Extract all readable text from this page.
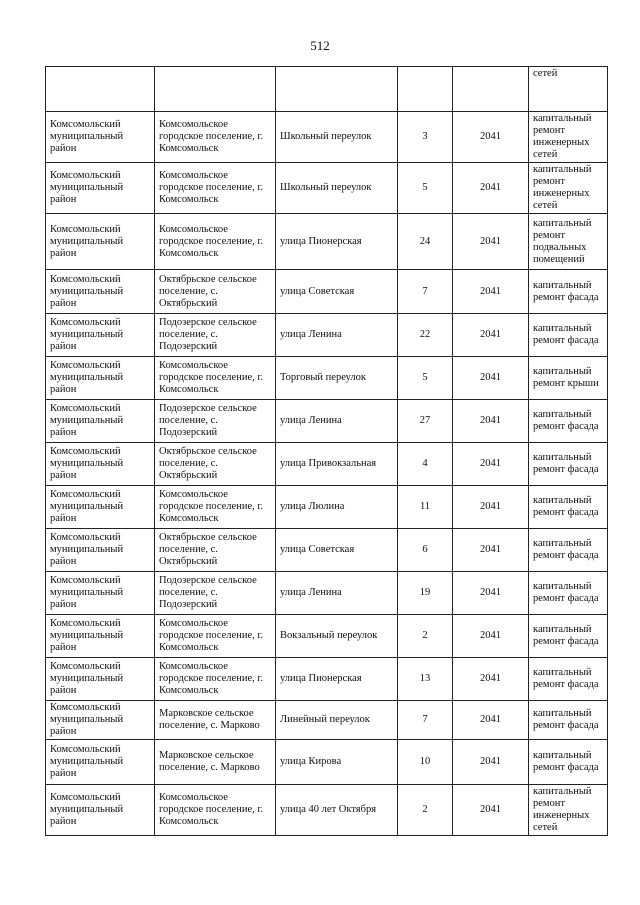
512
					сетей
Комсомольский муниципальный район	Комсомольское городское поселение, г. Комсомольск	Школьный переулок	3	2041	капитальный ремонт инженерных сетей
Комсомольский муниципальный район	Комсомольское городское поселение, г. Комсомольск	Школьный переулок	5	2041	капитальный ремонт инженерных сетей
Комсомольский муниципальный район	Комсомольское городское поселение, г. Комсомольск	улица Пионерская	24	2041	капитальный ремонт подвальных помещений
Комсомольский муниципальный район	Октябрьское сельское поселение, с. Октябрьский	улица Советская	7	2041	капитальный ремонт фасада
Комсомольский муниципальный район	Подозерское сельское поселение, с. Подозерский	улица Ленина	22	2041	капитальный ремонт фасада
Комсомольский муниципальный район	Комсомольское городское поселение, г. Комсомольск	Торговый переулок	5	2041	капитальный ремонт крыши
Комсомольский муниципальный район	Подозерское сельское поселение, с. Подозерский	улица Ленина	27	2041	капитальный ремонт фасада
Комсомольский муниципальный район	Октябрьское сельское поселение, с. Октябрьский	улица Привокзальная	4	2041	капитальный ремонт фасада
Комсомольский муниципальный район	Комсомольское городское поселение, г. Комсомольск	улица Люлина	11	2041	капитальный ремонт фасада
Комсомольский муниципальный район	Октябрьское сельское поселение, с. Октябрьский	улица Советская	6	2041	капитальный ремонт фасада
Комсомольский муниципальный район	Подозерское сельское поселение, с. Подозерский	улица Ленина	19	2041	капитальный ремонт фасада
Комсомольский муниципальный район	Комсомольское городское поселение, г. Комсомольск	Вокзальный переулок	2	2041	капитальный ремонт фасада
Комсомольский муниципальный район	Комсомольское городское поселение, г. Комсомольск	улица Пионерская	13	2041	капитальный ремонт фасада
Комсомольский муниципальный район	Марковское сельское поселение, с. Марково	Линейный переулок	7	2041	капитальный ремонт фасада
Комсомольский муниципальный район	Марковское сельское поселение, с. Марково	улица Кирова	10	2041	капитальный ремонт фасада
Комсомольский муниципальный район	Комсомольское городское поселение, г. Комсомольск	улица 40 лет Октября	2	2041	капитальный ремонт инженерных сетей
